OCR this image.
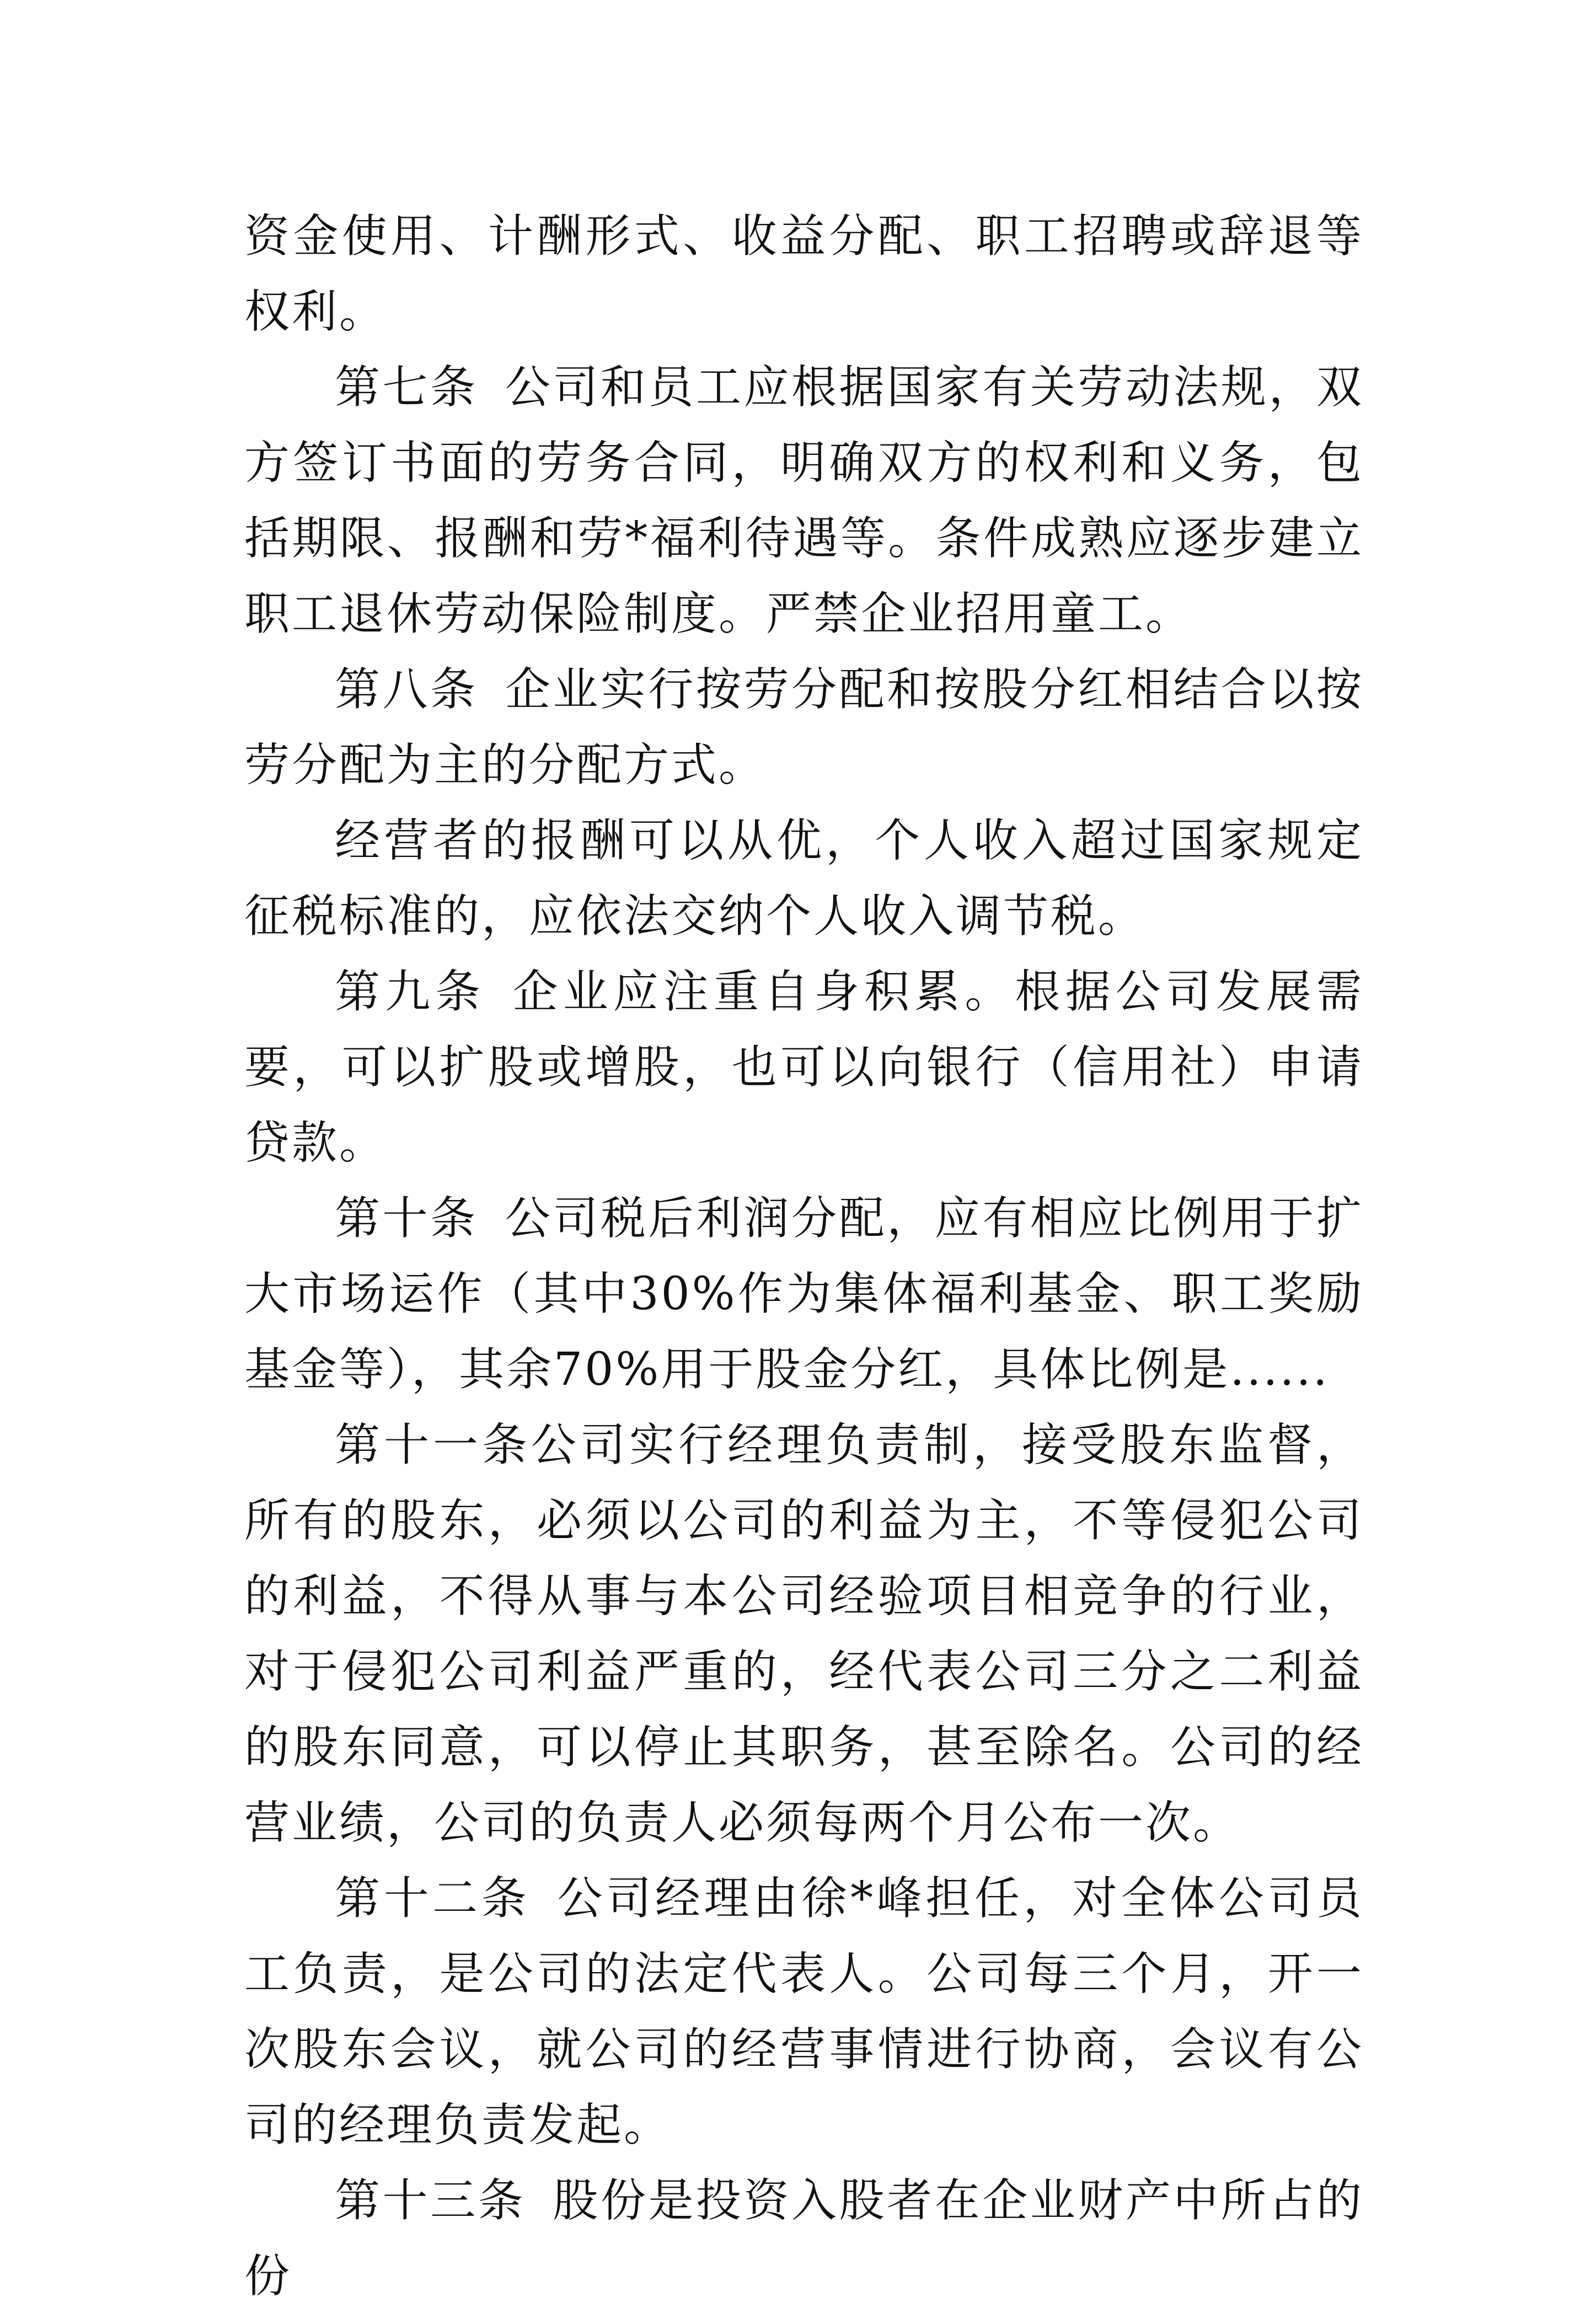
资金使用、计酬形式、收益分配、职工招聘或辞退等权利。

第七条 公司和员工应根据国家有关劳动法规，双方签订书面的劳务合同，明确双方的权利和义务，包括期限、报酬和劳*福利待遇等。条件成熟应逐步建立职工退休劳动保险制度。严禁企业招用童工。

第八条 企业实行按劳分配和按股分红相结合以按劳分配为主的分配方式。

经营者的报酬可以从优，个人收入超过国家规定征税标准的，应依法交纳个人收入调节税。

第九条 企业应注重自身积累。根据公司发展需要，可以扩股或增股，也可以向银行（信用社）申请贷款。

第十条 公司税后利润分配，应有相应比例用于扩大市场运作（其中30%作为集体福利基金、职工奖励基金等），其余70%用于股金分红，具体比例是......

第十一条公司实行经理负责制，接受股东监督，所有的股东，必须以公司的利益为主，不等侵犯公司的利益，不得从事与本公司经验项目相竞争的行业，对于侵犯公司利益严重的，经代表公司三分之二利益的股东同意，可以停止其职务，甚至除名。公司的经营业绩，公司的负责人必须每两个月公布一次。

第十二条 公司经理由徐*峰担任，对全体公司员工负责，是公司的法定代表人。公司每三个月，开一次股东会议，就公司的经营事情进行协商，会议有公司的经理负责发起。

第十三条 股份是投资入股者在企业财产中所占的份
